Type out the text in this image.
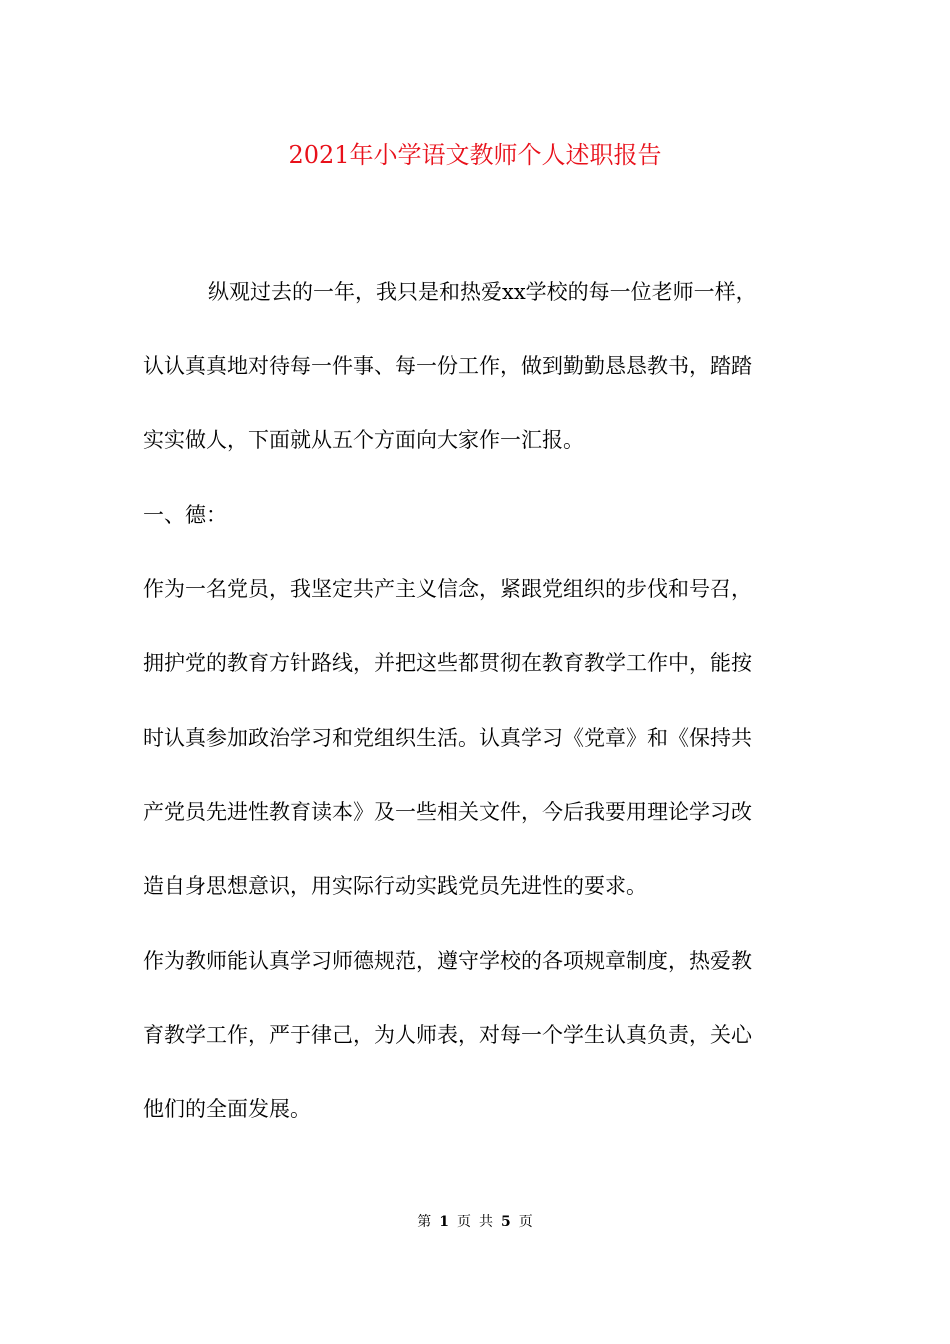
2021年小学语文教师个人述职报告

纵观过去的一年，我只是和热爱xx学校的每一位老师一样，

认认真真地对待每一件事、每一份工作，做到勤勤恳恳教书，踏踏

实实做人，下面就从五个方面向大家作一汇报。

一、德：

作为一名党员，我坚定共产主义信念，紧跟党组织的步伐和号召，

拥护党的教育方针路线，并把这些都贯彻在教育教学工作中，能按

时认真参加政治学习和党组织生活。认真学习《党章》和《保持共

产党员先进性教育读本》及一些相关文件，今后我要用理论学习改

造自身思想意识，用实际行动实践党员先进性的要求。

作为教师能认真学习师德规范，遵守学校的各项规章制度，热爱教

育教学工作，严于律己，为人师表，对每一个学生认真负责，关心

他们的全面发展。

第 1 页 共 5 页
